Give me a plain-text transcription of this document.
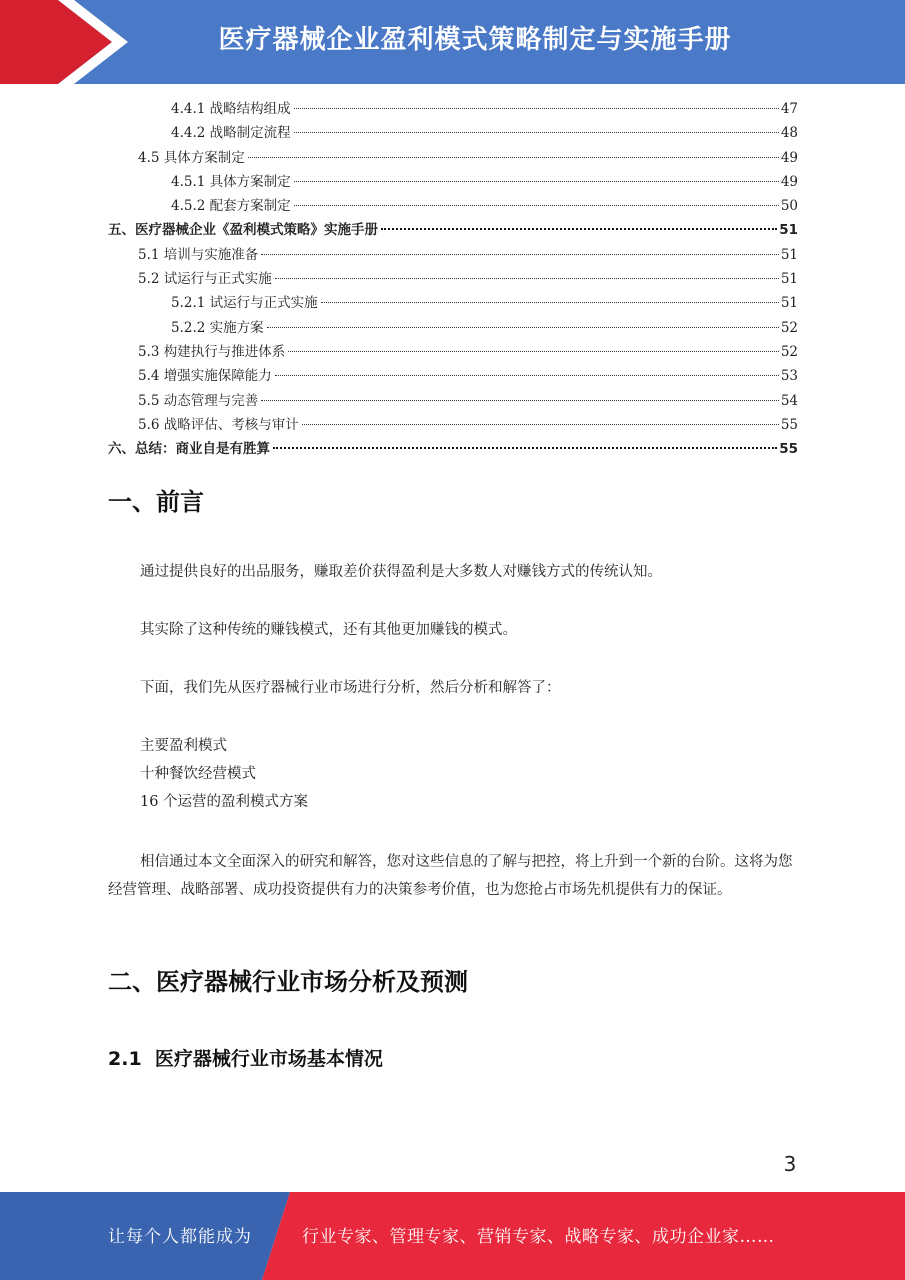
医疗器械企业盈利模式策略制定与实施手册
4.4.1 战略结构组成	47
4.4.2 战略制定流程	48
4.5 具体方案制定	49
4.5.1 具体方案制定	49
4.5.2 配套方案制定	50
五、 医疗器械企业《盈利模式策略》实施手册	51
5.1 培训与实施准备	51
5.2 试运行与正式实施	51
5.2.1 试运行与正式实施	51
5.2.2 实施方案	52
5.3 构建执行与推进体系	52
5.4 增强实施保障能力	53
5.5 动态管理与完善	54
5.6 战略评估、考核与审计	55
六、 总结：商业自是有胜算	55
一、前言
通过提供良好的出品服务，赚取差价获得盈利是大多数人对赚钱方式的传统认知。
其实除了这种传统的赚钱模式，还有其他更加赚钱的模式。
下面，我们先从医疗器械行业市场进行分析，然后分析和解答了：
主要盈利模式
十种餐饮经营模式
16 个运营的盈利模式方案
相信通过本文全面深入的研究和解答，您对这些信息的了解与把控，将上升到一个新的台阶。这将为您经营管理、战略部署、成功投资提供有力的决策参考价值，也为您抢占市场先机提供有力的保证。
二、医疗器械行业市场分析及预测
2.1  医疗器械行业市场基本情况
3
让每个人都能成为	行业专家、管理专家、营销专家、战略专家、成功企业家……
